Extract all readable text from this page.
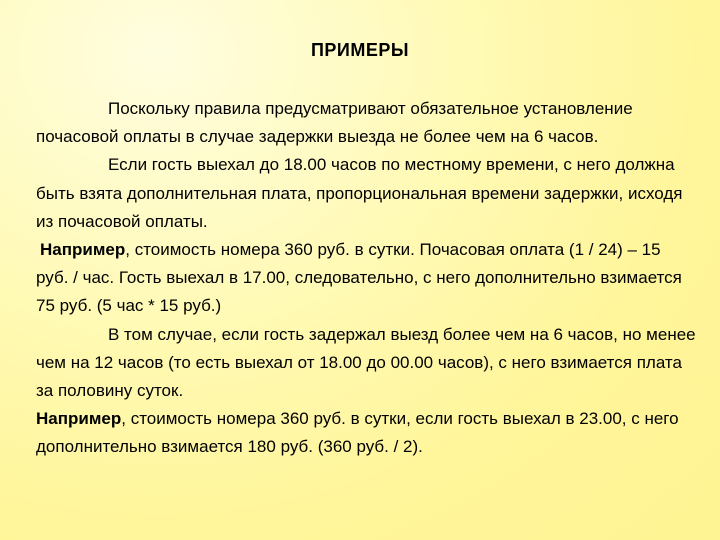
ПРИМЕРЫ

Поскольку правила предусматривают обязательное установление почасовой оплаты в случае задержки выезда не более чем на 6 часов.

Если гость выехал до 18.00 часов по местному времени, с него должна быть взята дополнительная плата, пропорциональная времени задержки, исходя из почасовой оплаты.

Например, стоимость номера 360 руб. в сутки. Почасовая оплата (1 / 24) – 15 руб. / час. Гость выехал в 17.00, следовательно, с него дополнительно взимается 75 руб. (5 час * 15 руб.)

В том случае, если гость задержал выезд более чем на 6 часов, но менее чем на 12 часов (то есть выехал от 18.00 до 00.00 часов), с него взимается плата за половину суток.

Например, стоимость номера 360 руб. в сутки, если гость выехал в 23.00, с него дополнительно взимается 180 руб. (360 руб. / 2).
